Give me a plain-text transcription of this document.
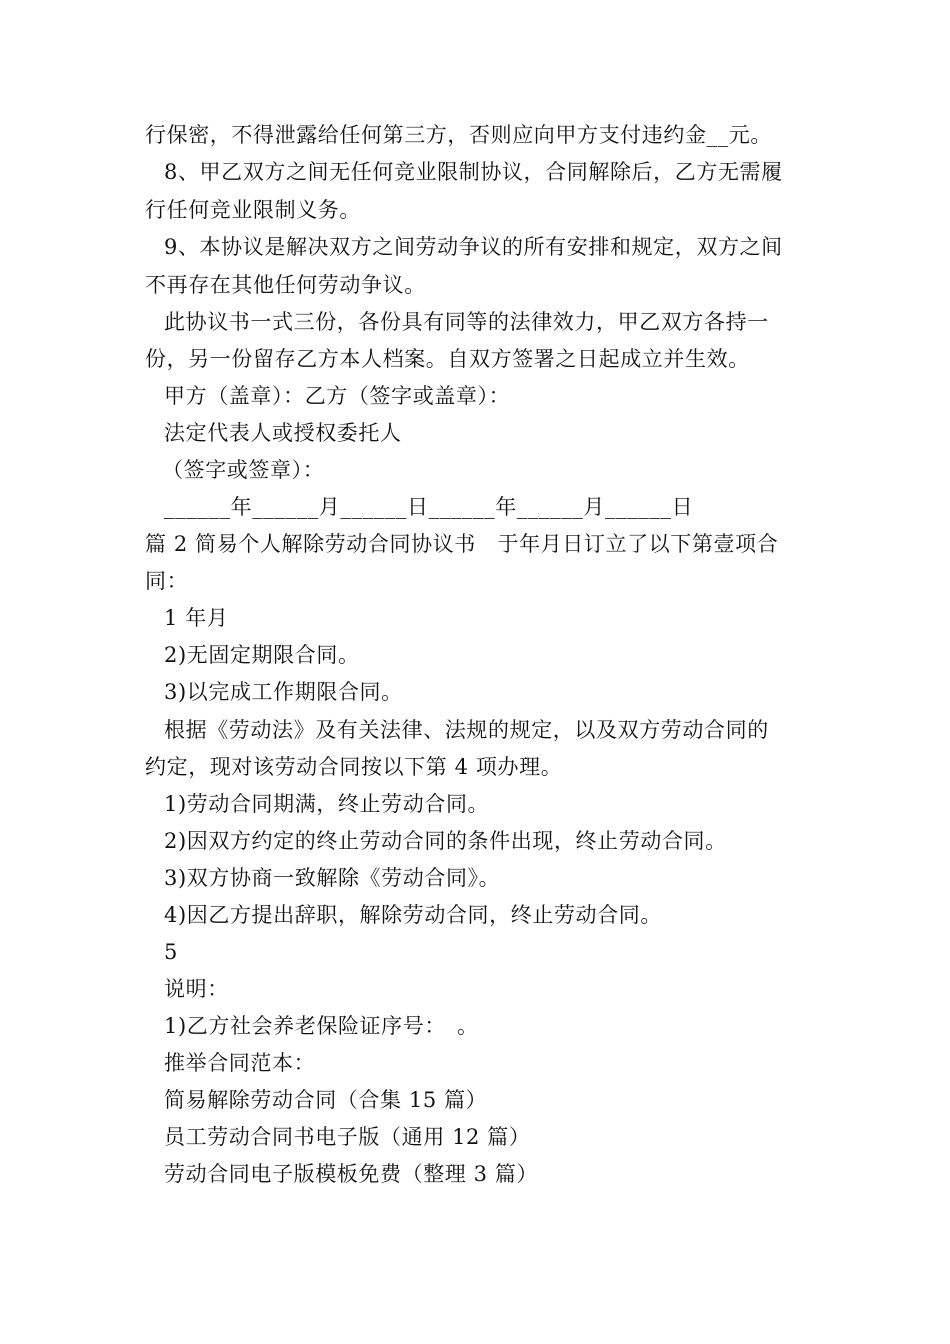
行保密，不得泄露给任何第三方，否则应向甲方支付违约金__元。
8、甲乙双方之间无任何竞业限制协议，合同解除后，乙方无需履
行任何竞业限制义务。
9、本协议是解决双方之间劳动争议的所有安排和规定，双方之间
不再存在其他任何劳动争议。
此协议书一式三份，各份具有同等的法律效力，甲乙双方各持一
份，另一份留存乙方本人档案。自双方签署之日起成立并生效。
甲方（盖章）：乙方（签字或盖章）：
法定代表人或授权委托人
（签字或签章）：
______年______月______日______年______月______日
篇 2 简易个人解除劳动合同协议书　于年月日订立了以下第壹项合
同：
1 年月
2)无固定期限合同。
3)以完成工作期限合同。
根据《劳动法》及有关法律、法规的规定，以及双方劳动合同的
约定，现对该劳动合同按以下第 4 项办理。
1)劳动合同期满，终止劳动合同。
2)因双方约定的终止劳动合同的条件出现，终止劳动合同。
3)双方协商一致解除《劳动合同》。
4)因乙方提出辞职，解除劳动合同，终止劳动合同。
5
说明：
1)乙方社会养老保险证序号：　。
推举合同范本：
简易解除劳动合同（合集 15 篇）
员工劳动合同书电子版（通用 12 篇）
劳动合同电子版模板免费（整理 3 篇）
